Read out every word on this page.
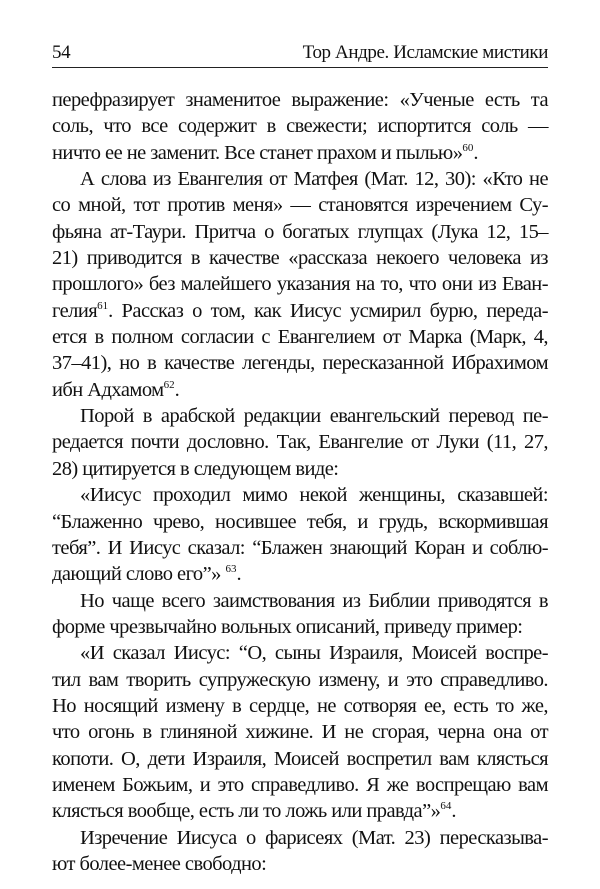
54	Тор Андре. Исламские мистики
перефразирует знаменитое выражение: «Ученые есть та
соль, что все содержит в свежести; испортится соль —
ничто ее не заменит. Все станет прахом и пылью»$^{60}$.
А слова из Евангелия от Матфея (Мат. 12, 30): «Кто не
со мной, тот против меня» — становятся изречением Су-
фьяна ат-Таури. Притча о богатых глупцах (Лука 12, 15–
21) приводится в качестве «рассказа некоего человека из
прошлого» без малейшего указания на то, что они из Еван-
гелия$^{61}$. Рассказ о том, как Иисус усмирил бурю, переда-
ется в полном согласии с Евангелием от Марка (Марк, 4,
37–41), но в качестве легенды, пересказанной Ибрахимом
ибн Адхамом$^{62}$.
Порой в арабской редакции евангельский перевод пе-
редается почти дословно. Так, Евангелие от Луки (11, 27,
28) цитируется в следующем виде:
«Иисус проходил мимо некой женщины, сказавшей:
“Блаженно чрево, носившее тебя, и грудь, вскормившая
тебя”. И Иисус сказал: “Блажен знающий Коран и соблю-
дающий слово его”» $^{63}$.
Но чаще всего заимствования из Библии приводятся в
форме чрезвычайно вольных описаний, приведу пример:
«И сказал Иисус: “О, сыны Израиля, Моисей воспре-
тил вам творить супружескую измену, и это справедливо.
Но носящий измену в сердце, не сотворяя ее, есть то же,
что огонь в глиняной хижине. И не сгорая, черна она от
копоти. О, дети Израиля, Моисей воспретил вам клясться
именем Божьим, и это справедливо. Я же воспрещаю вам
клясться вообще, есть ли то ложь или правда”»$^{64}$.
Изречение Иисуса о фарисеях (Мат. 23) пересказыва-
ют более-менее свободно:
